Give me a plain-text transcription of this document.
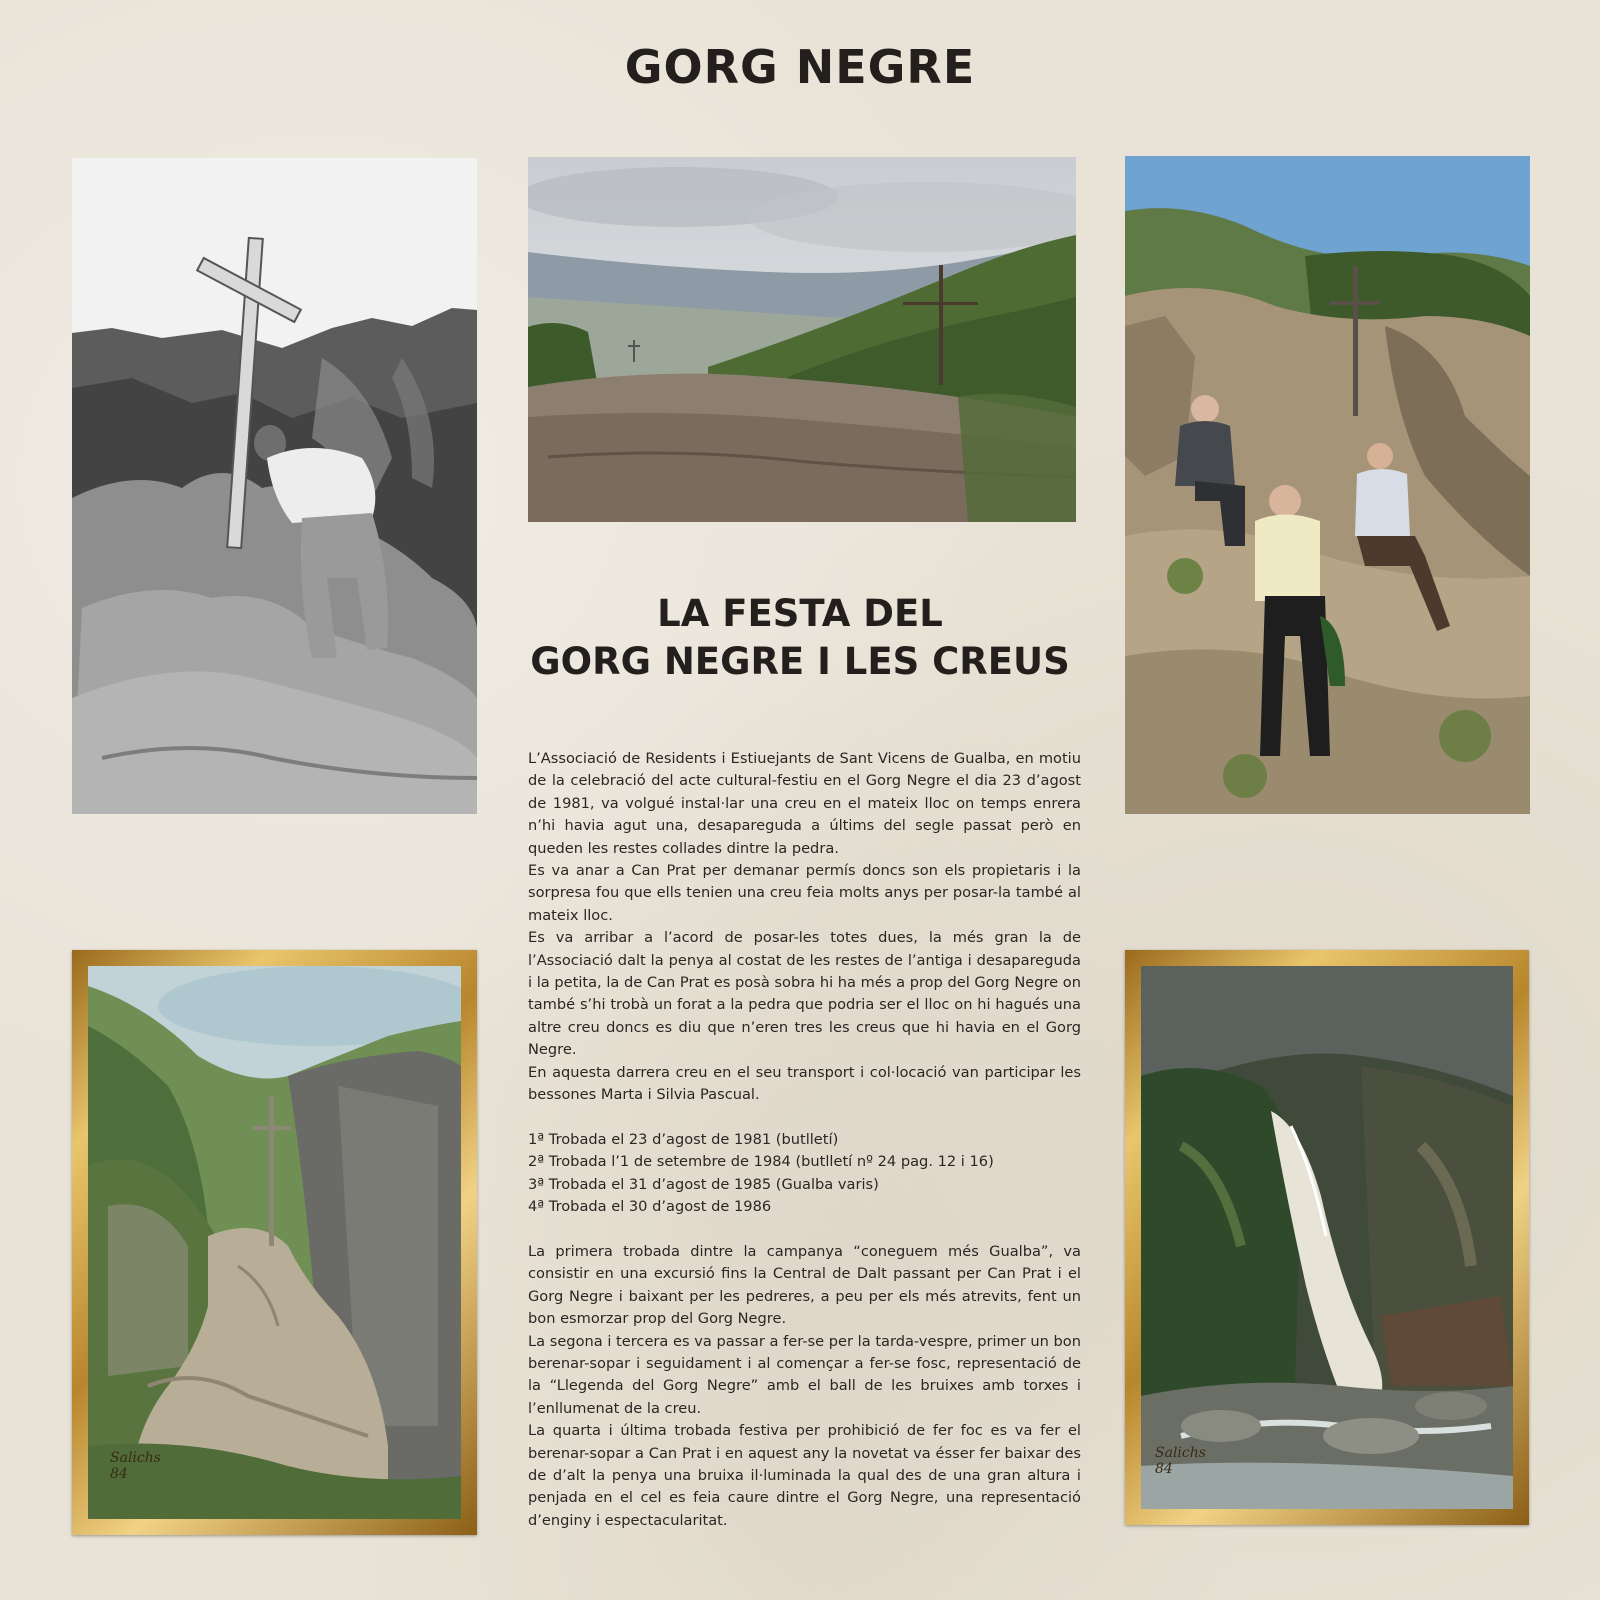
GORG NEGRE
Salichs
84
Salichs
84
LA FESTA DEL
GORG NEGRE I LES CREUS

L’Associació de Residents i Estiuejants de Sant Vicens de Gualba, en motiu de la celebració del acte cultural-festiu en el Gorg Negre el dia 23 d’agost de 1981, va volgué instal·lar una creu en el mateix lloc on temps enrera n’hi havia agut una, desapareguda a últims del segle passat però en queden les restes collades dintre la pedra.

Es va anar a Can Prat per demanar permís doncs son els propietaris i la sorpresa fou que ells tenien una creu feia molts anys per posar-la també al mateix lloc.

Es va arribar a l’acord de posar-les totes dues, la més gran la de l’Associació dalt la penya al costat de les restes de l’antiga i desapareguda i la petita, la de Can Prat es posà sobra hi ha més a prop del Gorg Negre on també s’hi trobà un forat a la pedra que podria ser el lloc on hi hagués una altre creu doncs es diu que n’eren tres les creus que hi havia en el Gorg Negre.

En aquesta darrera creu en el seu transport i col·locació van participar les bessones Marta i Silvia Pascual.

1ª Trobada el 23 d’agost de 1981 (butlletí)

2ª Trobada l’1 de setembre de 1984 (butlletí nº 24 pag. 12 i 16)

3ª Trobada el 31 d’agost de 1985 (Gualba varis)

4ª Trobada el 30 d’agost de 1986

La primera trobada dintre la campanya “coneguem més Gualba”, va consistir en una excursió fins la Central de Dalt passant per Can Prat i el Gorg Negre i baixant per les pedreres, a peu per els més atrevits, fent un bon esmorzar prop del Gorg Negre.

La segona i tercera es va passar a fer-se per la tarda-vespre, primer un bon berenar-sopar i seguidament i al començar a fer-se fosc, representació de la “Llegenda del Gorg Negre” amb el ball de les bruixes amb torxes i l’enllumenat de la creu.

La quarta i última trobada festiva per prohibició de fer foc es va fer el berenar-sopar a Can Prat i en aquest any la novetat va ésser fer baixar des de d’alt la penya una bruixa il·luminada la qual des de una gran altura i penjada en el cel es feia caure dintre el Gorg Negre, una representació d’enginy i espectacularitat.
